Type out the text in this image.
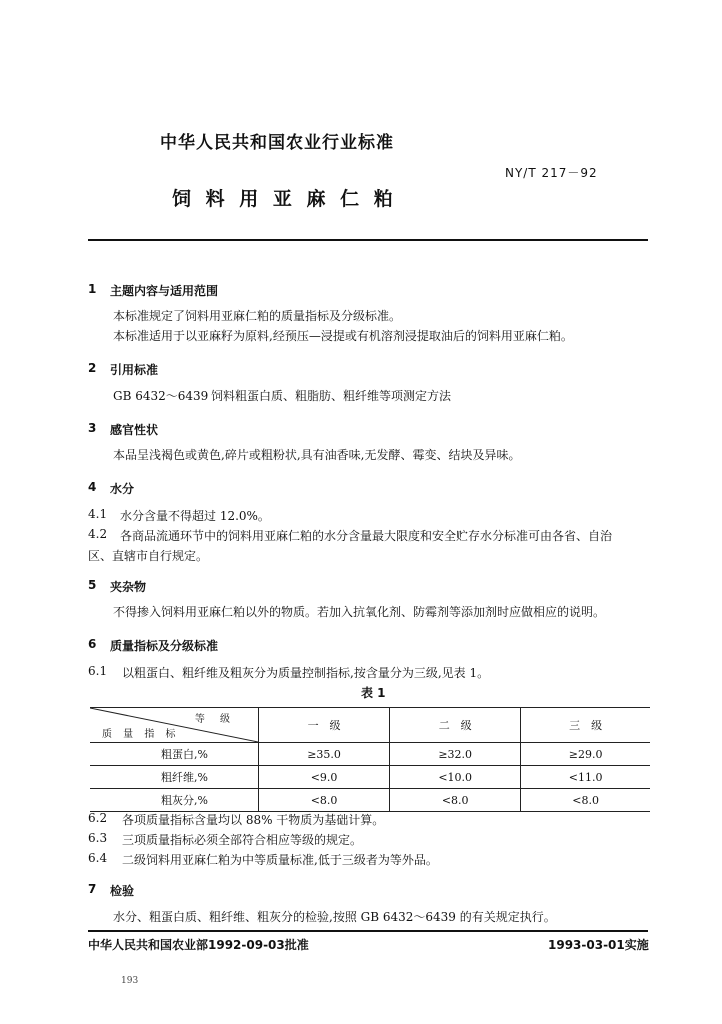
中华人民共和国农业行业标准
NY/T 217－92
饲 料 用 亚 麻 仁 粕
1 主题内容与适用范围
本标准规定了饲料用亚麻仁粕的质量指标及分级标准。
本标准适用于以亚麻籽为原料,经预压—浸提或有机溶剂浸提取油后的饲料用亚麻仁粕。
2 引用标准
GB 6432～6439 饲料粗蛋白质、粗脂肪、粗纤维等项测定方法
3 感官性状
本品呈浅褐色或黄色,碎片或粗粉状,具有油香味,无发酵、霉变、结块及异味。
4 水分
4.1 水分含量不得超过 12.0%。
4.2 各商品流通环节中的饲料用亚麻仁粕的水分含量最大限度和安全贮存水分标准可由各省、自治
区、直辖市自行规定。
5 夹杂物
不得掺入饲料用亚麻仁粕以外的物质。若加入抗氧化剂、防霉剂等添加剂时应做相应的说明。
6 质量指标及分级标准
6.1 以粗蛋白、粗纤维及粗灰分为质量控制指标,按含量分为三级,见表 1。
表 1
等 级
质 量 指 标	一　级	二　级	三　级
粗蛋白,%	≥35.0	≥32.0	≥29.0
粗纤维,%	<9.0	<10.0	<11.0
粗灰分,%	<8.0	<8.0	<8.0
6.2 各项质量指标含量均以 88% 干物质为基础计算。
6.3 三项质量指标必须全部符合相应等级的规定。
6.4 二级饲料用亚麻仁粕为中等质量标准,低于三级者为等外品。
7 检验
水分、粗蛋白质、粗纤维、粗灰分的检验,按照 GB 6432～6439 的有关规定执行。
中华人民共和国农业部1992-09-03批准	1993-03-01实施
193
